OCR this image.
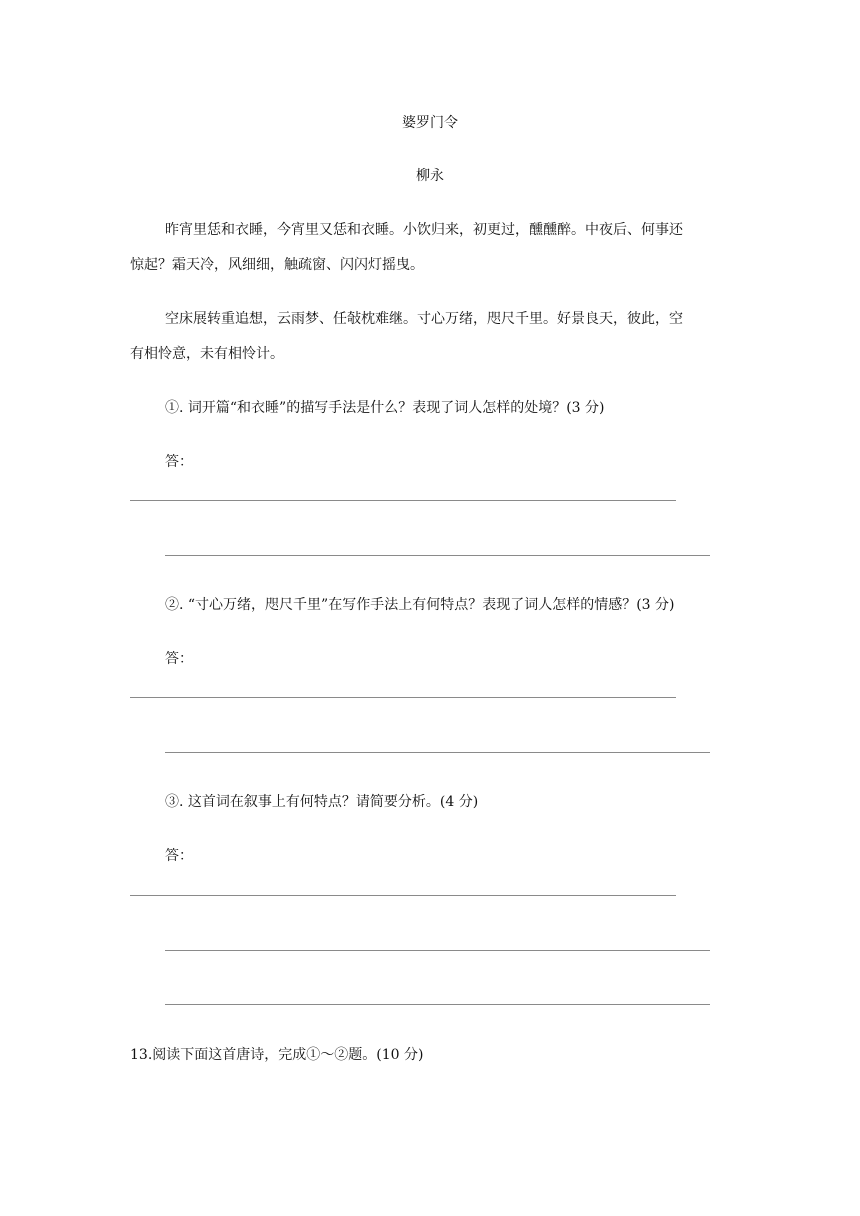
婆罗门令
柳永
昨宵里恁和衣睡，今宵里又恁和衣睡。小饮归来，初更过，醺醺醉。中夜后、何事还
惊起？霜天冷，风细细，触疏窗、闪闪灯摇曳。
空床展转重追想，云雨梦、任敧枕难继。寸心万绪，咫尺千里。好景良天，彼此，空
有相怜意，未有相怜计。
①. 词开篇“和衣睡”的描写手法是什么？表现了词人怎样的处境？(3 分)
答：
②. “寸心万绪，咫尺千里”在写作手法上有何特点？表现了词人怎样的情感？(3 分)
答：
③. 这首词在叙事上有何特点？请简要分析。(4 分)
答：
13.阅读下面这首唐诗，完成①～②题。(10 分)
